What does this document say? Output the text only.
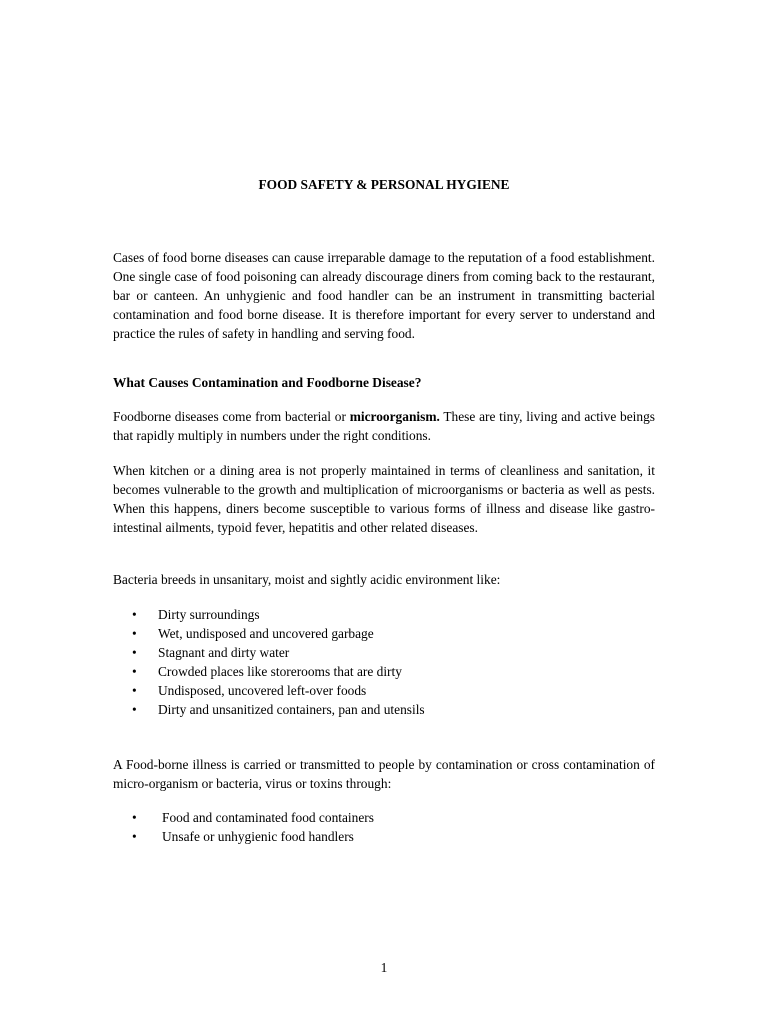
FOOD SAFETY & PERSONAL HYGIENE

Cases of food borne diseases can cause irreparable damage to the reputation of a food establishment. One single case of food poisoning can already discourage diners from coming back to the restaurant, bar or canteen. An unhygienic and food handler can be an instrument in transmitting bacterial contamination and food borne disease. It is therefore important for every server to understand and practice the rules of safety in handling and serving food.

What Causes Contamination and Foodborne Disease?

Foodborne diseases come from bacterial or microorganism. These are tiny, living and active beings that rapidly multiply in numbers under the right conditions.

When kitchen or a dining area is not properly maintained in terms of cleanliness and sanitation, it becomes vulnerable to the growth and multiplication of microorganisms or bacteria as well as pests. When this happens, diners become susceptible to various forms of illness and disease like gastro-intestinal ailments, typoid fever, hepatitis and other related diseases.

Bacteria breeds in unsanitary, moist and sightly acidic environment like:

• Dirty surroundings
• Wet, undisposed and uncovered garbage
• Stagnant and dirty water
• Crowded places like storerooms that are dirty
• Undisposed, uncovered left-over foods
• Dirty and unsanitized containers, pan and utensils

A Food-borne illness is carried or transmitted to people by contamination or cross contamination of micro-organism or bacteria, virus or toxins through:

• Food and contaminated food containers
• Unsafe or unhygienic food handlers
1
